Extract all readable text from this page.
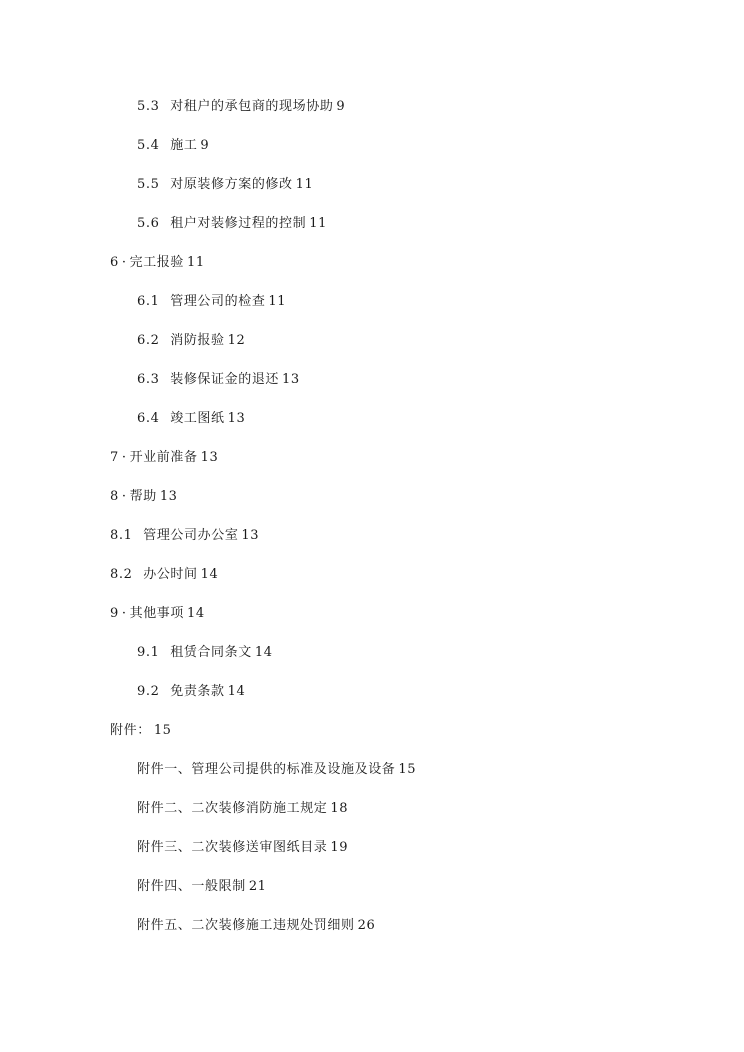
5.3 对租户的承包商的现场协助 9
5.4 施工 9
5.5 对原装修方案的修改 11
5.6 租户对装修过程的控制 11
6 · 完工报验 11
6.1 管理公司的检查 11
6.2 消防报验 12
6.3 装修保证金的退还 13
6.4 竣工图纸 13
7 · 开业前准备 13
8 · 帮助 13
8.1 管理公司办公室 13
8.2 办公时间 14
9 · 其他事项 14
9.1 租赁合同条文 14
9.2 免责条款 14
附件： 15
附件一、管理公司提供的标准及设施及设备 15
附件二、二次装修消防施工规定 18
附件三、二次装修送审图纸目录 19
附件四、一般限制 21
附件五、二次装修施工违规处罚细则 26
